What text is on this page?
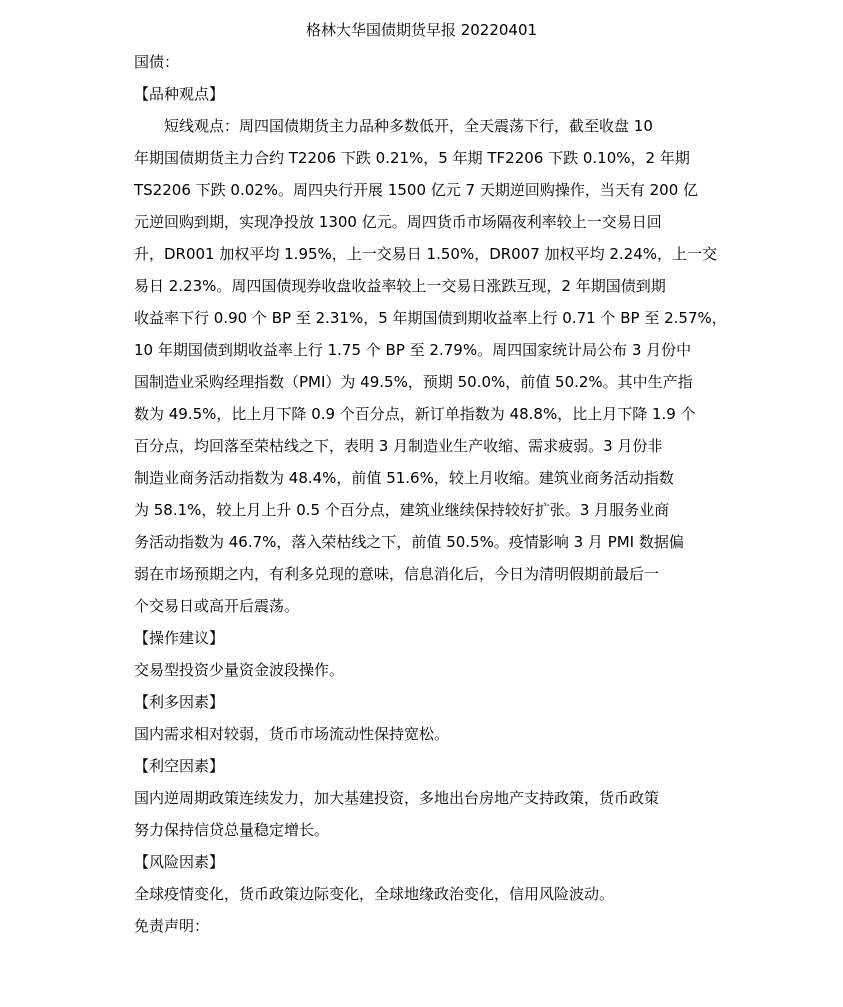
格林大华国债期货早报 20220401
国债：
【品种观点】
短线观点：周四国债期货主力品种多数低开，全天震荡下行，截至收盘 10
年期国债期货主力合约 T2206 下跌 0.21%，5 年期 TF2206 下跌 0.10%，2 年期
TS2206 下跌 0.02%。周四央行开展 1500 亿元 7 天期逆回购操作，当天有 200 亿
元逆回购到期，实现净投放 1300 亿元。周四货币市场隔夜利率较上一交易日回
升，DR001 加权平均 1.95%，上一交易日 1.50%，DR007 加权平均 2.24%，上一交
易日 2.23%。周四国债现券收盘收益率较上一交易日涨跌互现，2 年期国债到期
收益率下行 0.90 个 BP 至 2.31%，5 年期国债到期收益率上行 0.71 个 BP 至 2.57%，
10 年期国债到期收益率上行 1.75 个 BP 至 2.79%。周四国家统计局公布 3 月份中
国制造业采购经理指数（PMI）为 49.5%，预期 50.0%，前值 50.2%。其中生产指
数为 49.5%，比上月下降 0.9 个百分点，新订单指数为 48.8%，比上月下降 1.9 个
百分点，均回落至荣枯线之下，表明 3 月制造业生产收缩、需求疲弱。3 月份非
制造业商务活动指数为 48.4%，前值 51.6%，较上月收缩。建筑业商务活动指数
为 58.1%，较上月上升 0.5 个百分点，建筑业继续保持较好扩张。3 月服务业商
务活动指数为 46.7%，落入荣枯线之下，前值 50.5%。疫情影响 3 月 PMI 数据偏
弱在市场预期之内，有利多兑现的意味，信息消化后，今日为清明假期前最后一
个交易日或高开后震荡。
【操作建议】
交易型投资少量资金波段操作。
【利多因素】
国内需求相对较弱，货币市场流动性保持宽松。
【利空因素】
国内逆周期政策连续发力，加大基建投资，多地出台房地产支持政策，货币政策
努力保持信贷总量稳定增长。
【风险因素】
全球疫情变化，货币政策边际变化，全球地缘政治变化，信用风险波动。
免责声明：
